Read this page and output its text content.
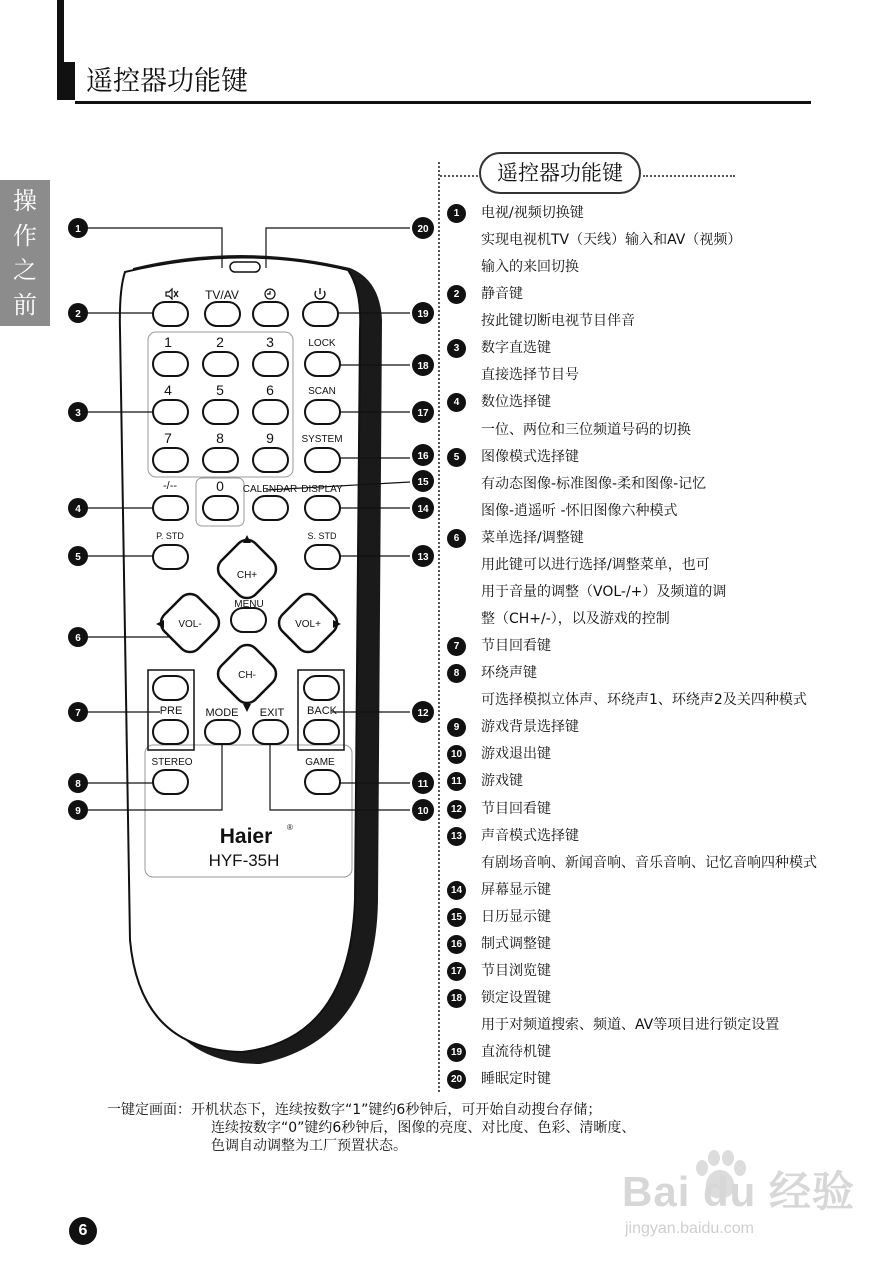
遥控器功能键
操
作
之
前	TV/AV
1	2	3	LOCK
4	5	6	SCAN
7	8	9	SYSTEM
-/--	0 CALENDAR DISPLAY
P. STD	S. STD
CH+
CH-
VOL-	VOL+
MENU
PRE	BACK
MODE EXIT
STEREO	GAME
Haier ®
HYF-35H
1	20
2	19
18
3	17
16
15
4	14
5	13
6
7	12
8	11
9	10
遥控器功能键
1	电视/视频切换键
实现电视机TV（天线）输入和AV（视频）
输入的来回切换
2	静音键
按此键切断电视节目伴音
3	数字直选键
直接选择节目号
4	数位选择键
一位、两位和三位频道号码的切换
5	图像模式选择键
有动态图像-标准图像-柔和图像-记忆
图像-逍遥听 -怀旧图像六种模式
6	菜单选择/调整键
用此键可以进行选择/调整菜单，也可
用于音量的调整（VOL-/+）及频道的调
整（CH+/-），以及游戏的控制
7	节目回看键
8	环绕声键
可选择模拟立体声、环绕声1、环绕声2及关四种模式
9	游戏背景选择键
10 游戏退出键
11	游戏键
12 节目回看键
13 声音模式选择键
有剧场音响、新闻音响、音乐音响、记忆音响四种模式
14 屏幕显示键
15 日历显示键
16 制式调整键
17 节目浏览键
18 锁定设置键
用于对频道搜索、频道、AV等项目进行锁定设置
19 直流待机键
20 睡眠定时键
一键定画面：开机状态下，连续按数字“1”键约6秒钟后，可开始自动搜台存储；
连续按数字“0”键约6秒钟后，图像的亮度、对比度、色彩、清晰度、
色调自动调整为工厂预置状态。
6
Bai du 经验
jingyan.baidu.com
